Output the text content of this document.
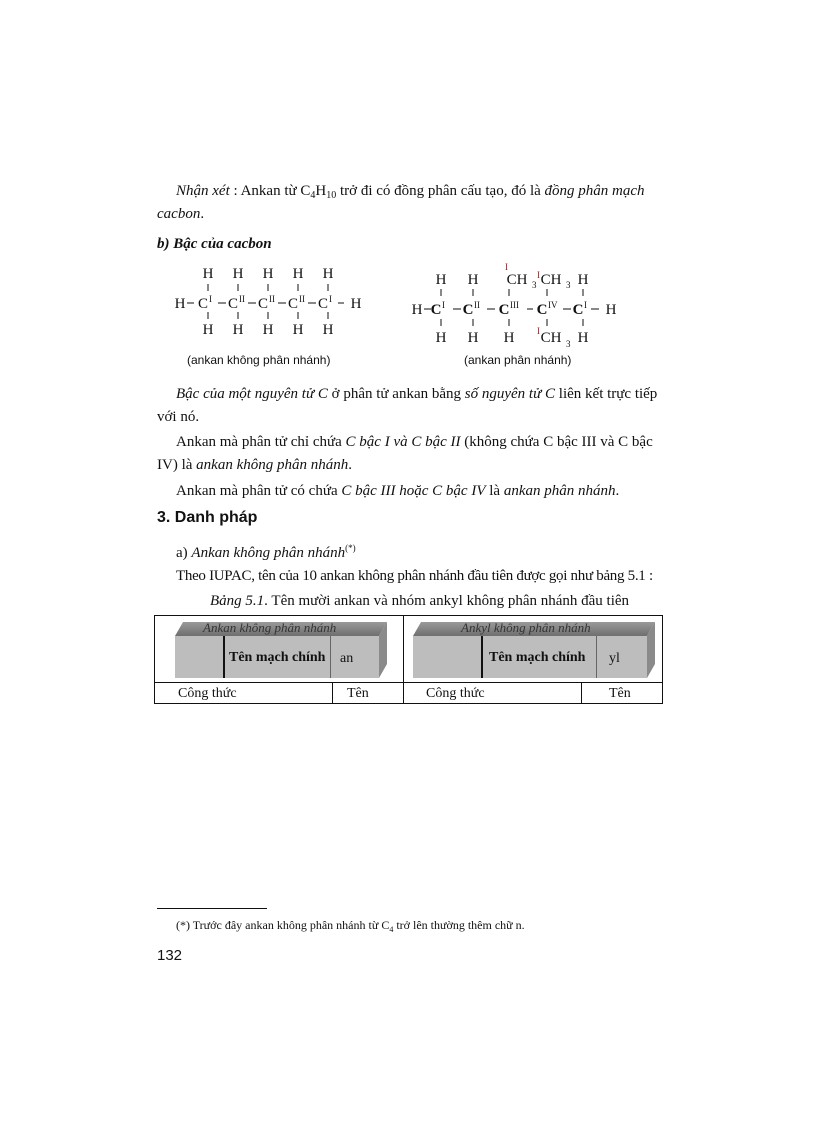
Nhận xét : Ankan từ $C_4H_{10}$ trở đi có đồng phân cấu tạo, đó là đồng phân mạch
cacbon.
b) Bậc của cacbon
H
H
C I
H
H
C II
H
H
C II
H
H
C II
H
H
C I
H	H
(ankan không phân nhánh)
H H
I
CH 3
I CH 3 H
H C I C II C III C IV C I H
H H H	I CH 3 H
(ankan phân nhánh)
Bậc của một nguyên tử C ở phân tử ankan bằng số nguyên tử C liên kết trực tiếp
với nó.
Ankan mà phân tử chỉ chứa C bậc I và C bậc II (không chứa C bậc III và C bậc
IV) là ankan không phân nhánh.
Ankan mà phân tử có chứa C bậc III hoặc C bậc IV là ankan phân nhánh.
3. Danh pháp
a) Ankan không phân nhánh(*)
Theo IUPAC, tên của 10 ankan không phân nhánh đầu tiên được gọi như bảng 5.1 :
Bảng 5.1. Tên mười ankan và nhóm ankyl không phân nhánh đầu tiên
Ankan không phân nhánh
Tên mạch chính an
Ankyl không phân nhánh
Tên mạch chính yl
Công thức	Tên	Công thức	Tên
(*) Trước đây ankan không phân nhánh từ $C_4$ trở lên thường thêm chữ n.
132
